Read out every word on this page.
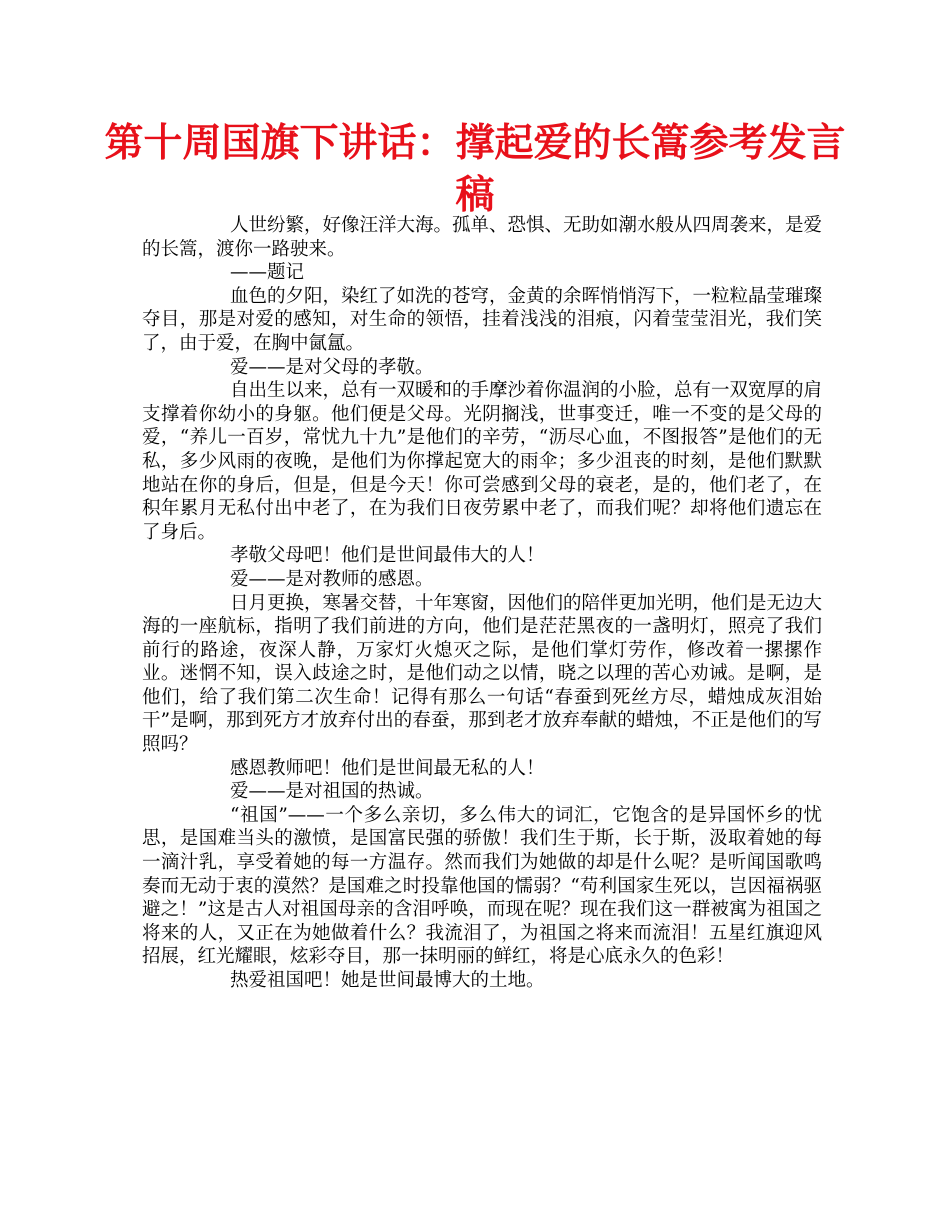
第十周国旗下讲话：撑起爱的长篙参考发言稿

人世纷繁，好像汪洋大海。孤单、恐惧、无助如潮水般从四周袭来，是爱的长篙，渡你一路驶来。

——题记

血色的夕阳，染红了如洗的苍穹，金黄的余晖悄悄泻下，一粒粒晶莹璀璨夺目，那是对爱的感知，对生命的领悟，挂着浅浅的泪痕，闪着莹莹泪光，我们笑了，由于爱，在胸中氤氲。

爱——是对父母的孝敬。

自出生以来，总有一双暖和的手摩沙着你温润的小脸，总有一双宽厚的肩支撑着你幼小的身躯。他们便是父母。光阴搁浅，世事变迁，唯一不变的是父母的爱，“养儿一百岁，常忧九十九”是他们的辛劳，“沥尽心血，不图报答”是他们的无私，多少风雨的夜晚，是他们为你撑起宽大的雨伞；多少沮丧的时刻，是他们默默地站在你的身后，但是，但是今天！你可尝感到父母的衰老，是的，他们老了，在积年累月无私付出中老了，在为我们日夜劳累中老了，而我们呢？却将他们遗忘在了身后。

孝敬父母吧！他们是世间最伟大的人！

爱——是对教师的感恩。

日月更换，寒暑交替，十年寒窗，因他们的陪伴更加光明，他们是无边大海的一座航标，指明了我们前进的方向，他们是茫茫黑夜的一盏明灯，照亮了我们前行的路途，夜深人静，万家灯火熄灭之际，是他们掌灯劳作，修改着一摞摞作业。迷惘不知，误入歧途之时，是他们动之以情，晓之以理的苦心劝诫。是啊，是他们，给了我们第二次生命！记得有那么一句话“春蚕到死丝方尽，蜡烛成灰泪始干”是啊，那到死方才放弃付出的春蚕，那到老才放弃奉献的蜡烛，不正是他们的写照吗？

感恩教师吧！他们是世间最无私的人！

爱——是对祖国的热诚。

“祖国”——一个多么亲切，多么伟大的词汇，它饱含的是异国怀乡的忧思，是国难当头的激愤，是国富民强的骄傲！我们生于斯，长于斯，汲取着她的每一滴汁乳，享受着她的每一方温存。然而我们为她做的却是什么呢？是听闻国歌鸣奏而无动于衷的漠然？是国难之时投靠他国的懦弱？“苟利国家生死以，岂因福祸驱避之！”这是古人对祖国母亲的含泪呼唤，而现在呢？现在我们这一群被寓为祖国之将来的人，又正在为她做着什么？我流泪了，为祖国之将来而流泪！五星红旗迎风招展，红光耀眼，炫彩夺目，那一抹明丽的鲜红，将是心底永久的色彩！

热爱祖国吧！她是世间最博大的土地。
